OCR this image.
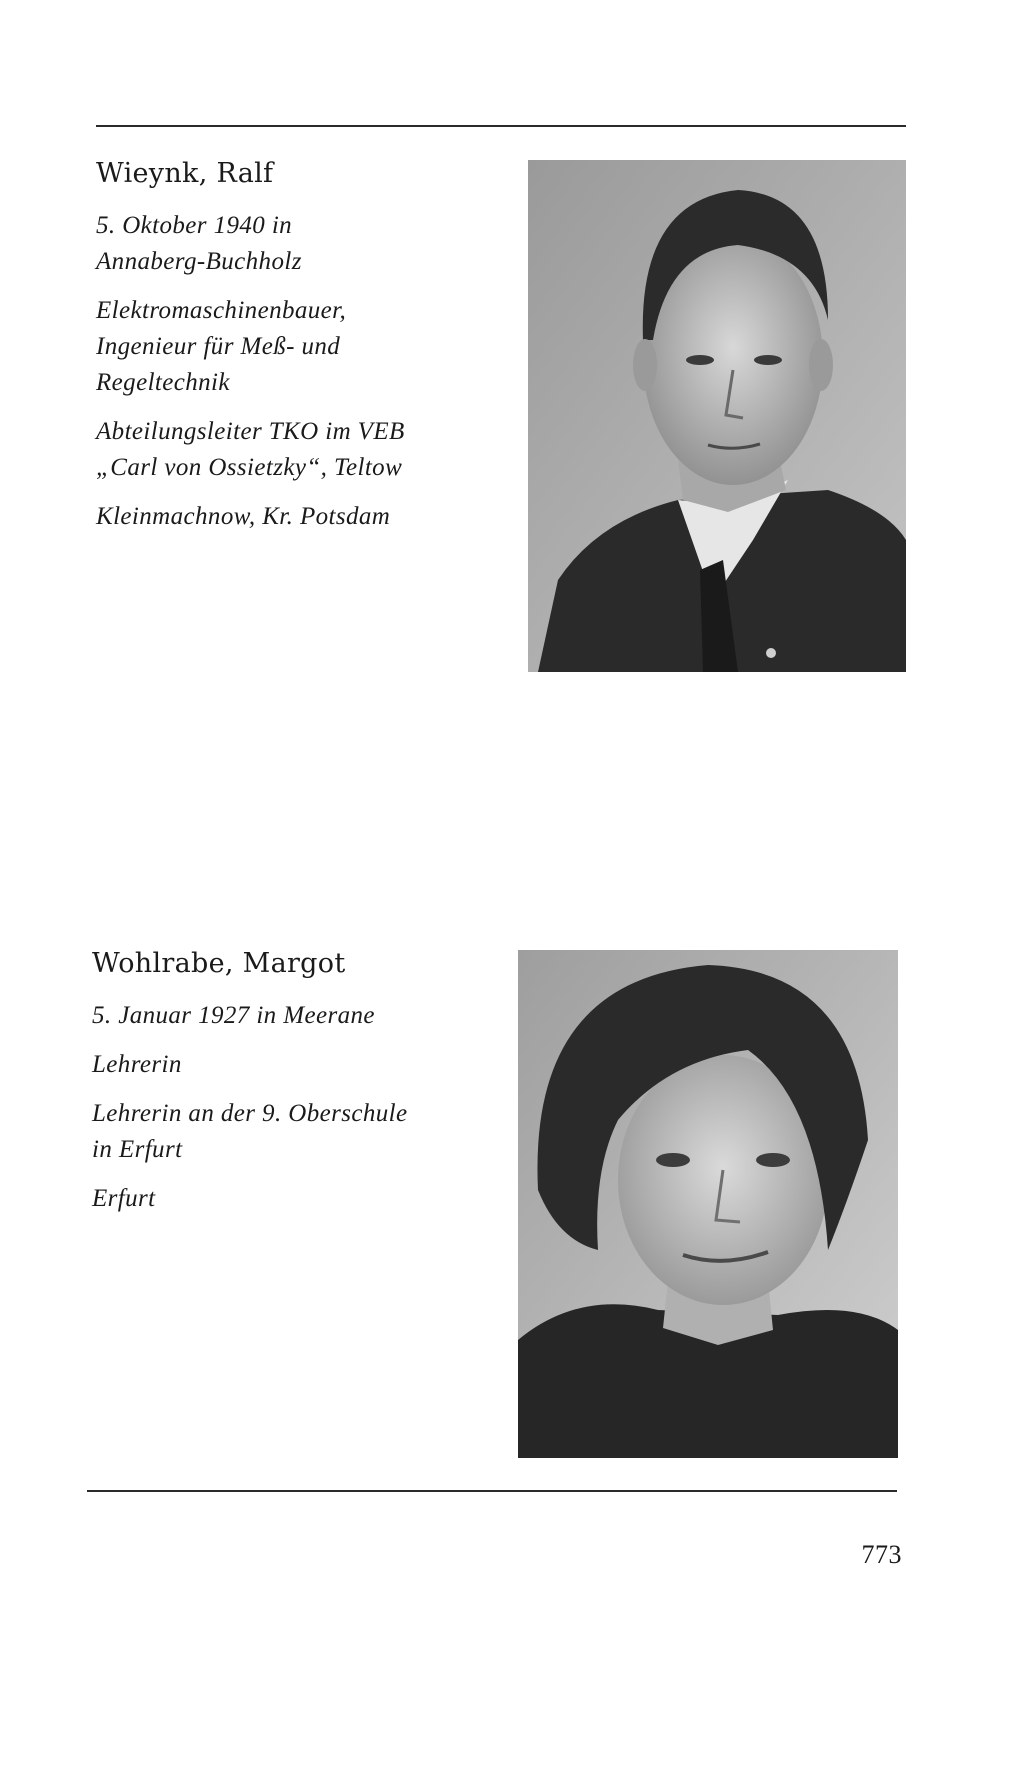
Wieynk, Ralf
5. Oktober 1940 in
Annaberg-Buchholz
Elektromaschinenbauer,
Ingenieur für Meß- und
Regeltechnik
Abteilungsleiter TKO im VEB
„Carl von Ossietzky“, Teltow
Kleinmachnow, Kr. Potsdam
Wohlrabe, Margot
5. Januar 1927 in Meerane
Lehrerin
Lehrerin an der 9. Oberschule
in Erfurt
Erfurt
773
